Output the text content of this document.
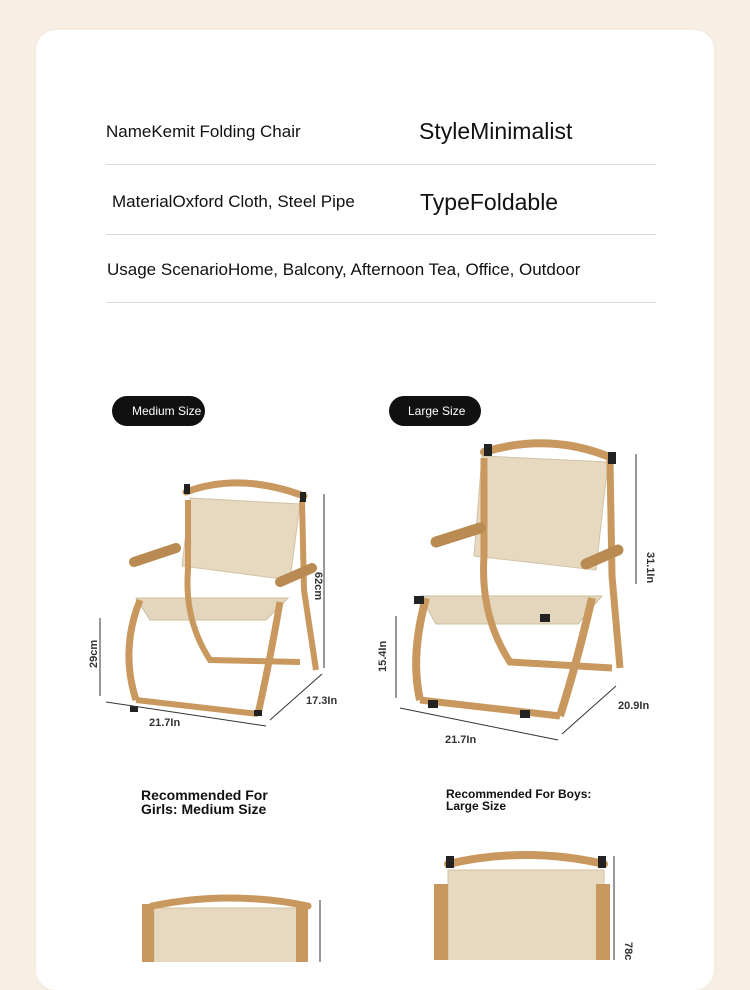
NameKemit Folding Chair	StyleMinimalist
MaterialOxford Cloth, Steel Pipe	TypeFoldable
Usage ScenarioHome, Balcony, Afternoon Tea, Office, Outdoor
Medium Size	Large Size
62cm
29cm
21.7In
17.3In
31.1In
15.4In
21.7In
20.9In
Recommended For
Girls: Medium Size
Recommended For Boys:
Large Size
78c
